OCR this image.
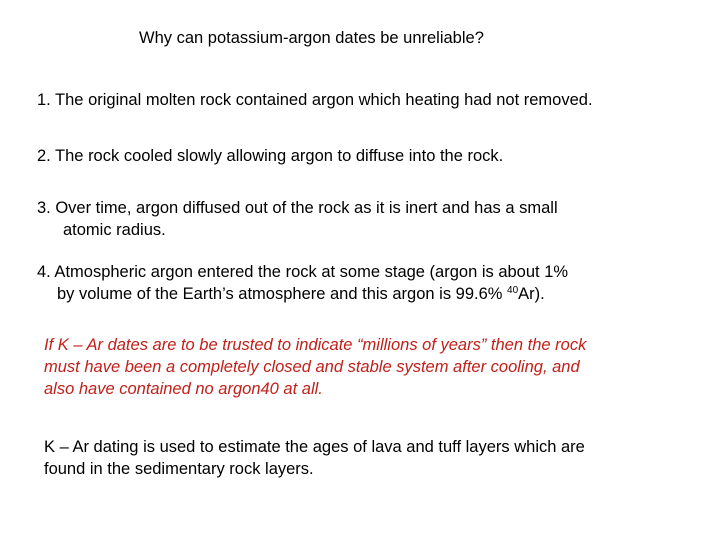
Why can potassium-argon dates be unreliable?
1. The original molten rock contained argon which heating had not removed.
2. The rock cooled slowly allowing argon to diffuse into the rock.
3. Over time, argon diffused out of the rock as it is inert and has a small
atomic radius.
4. Atmospheric argon entered the rock at some stage (argon is about 1%
by volume of the Earth’s atmosphere and this argon is 99.6% $^{40}$Ar).
If K – Ar dates are to be trusted to indicate “millions of years” then the rock
must have been a completely closed and stable system after cooling, and
also have contained no argon40 at all.
K – Ar dating is used to estimate the ages of lava and tuff layers which are
found in the sedimentary rock layers.
